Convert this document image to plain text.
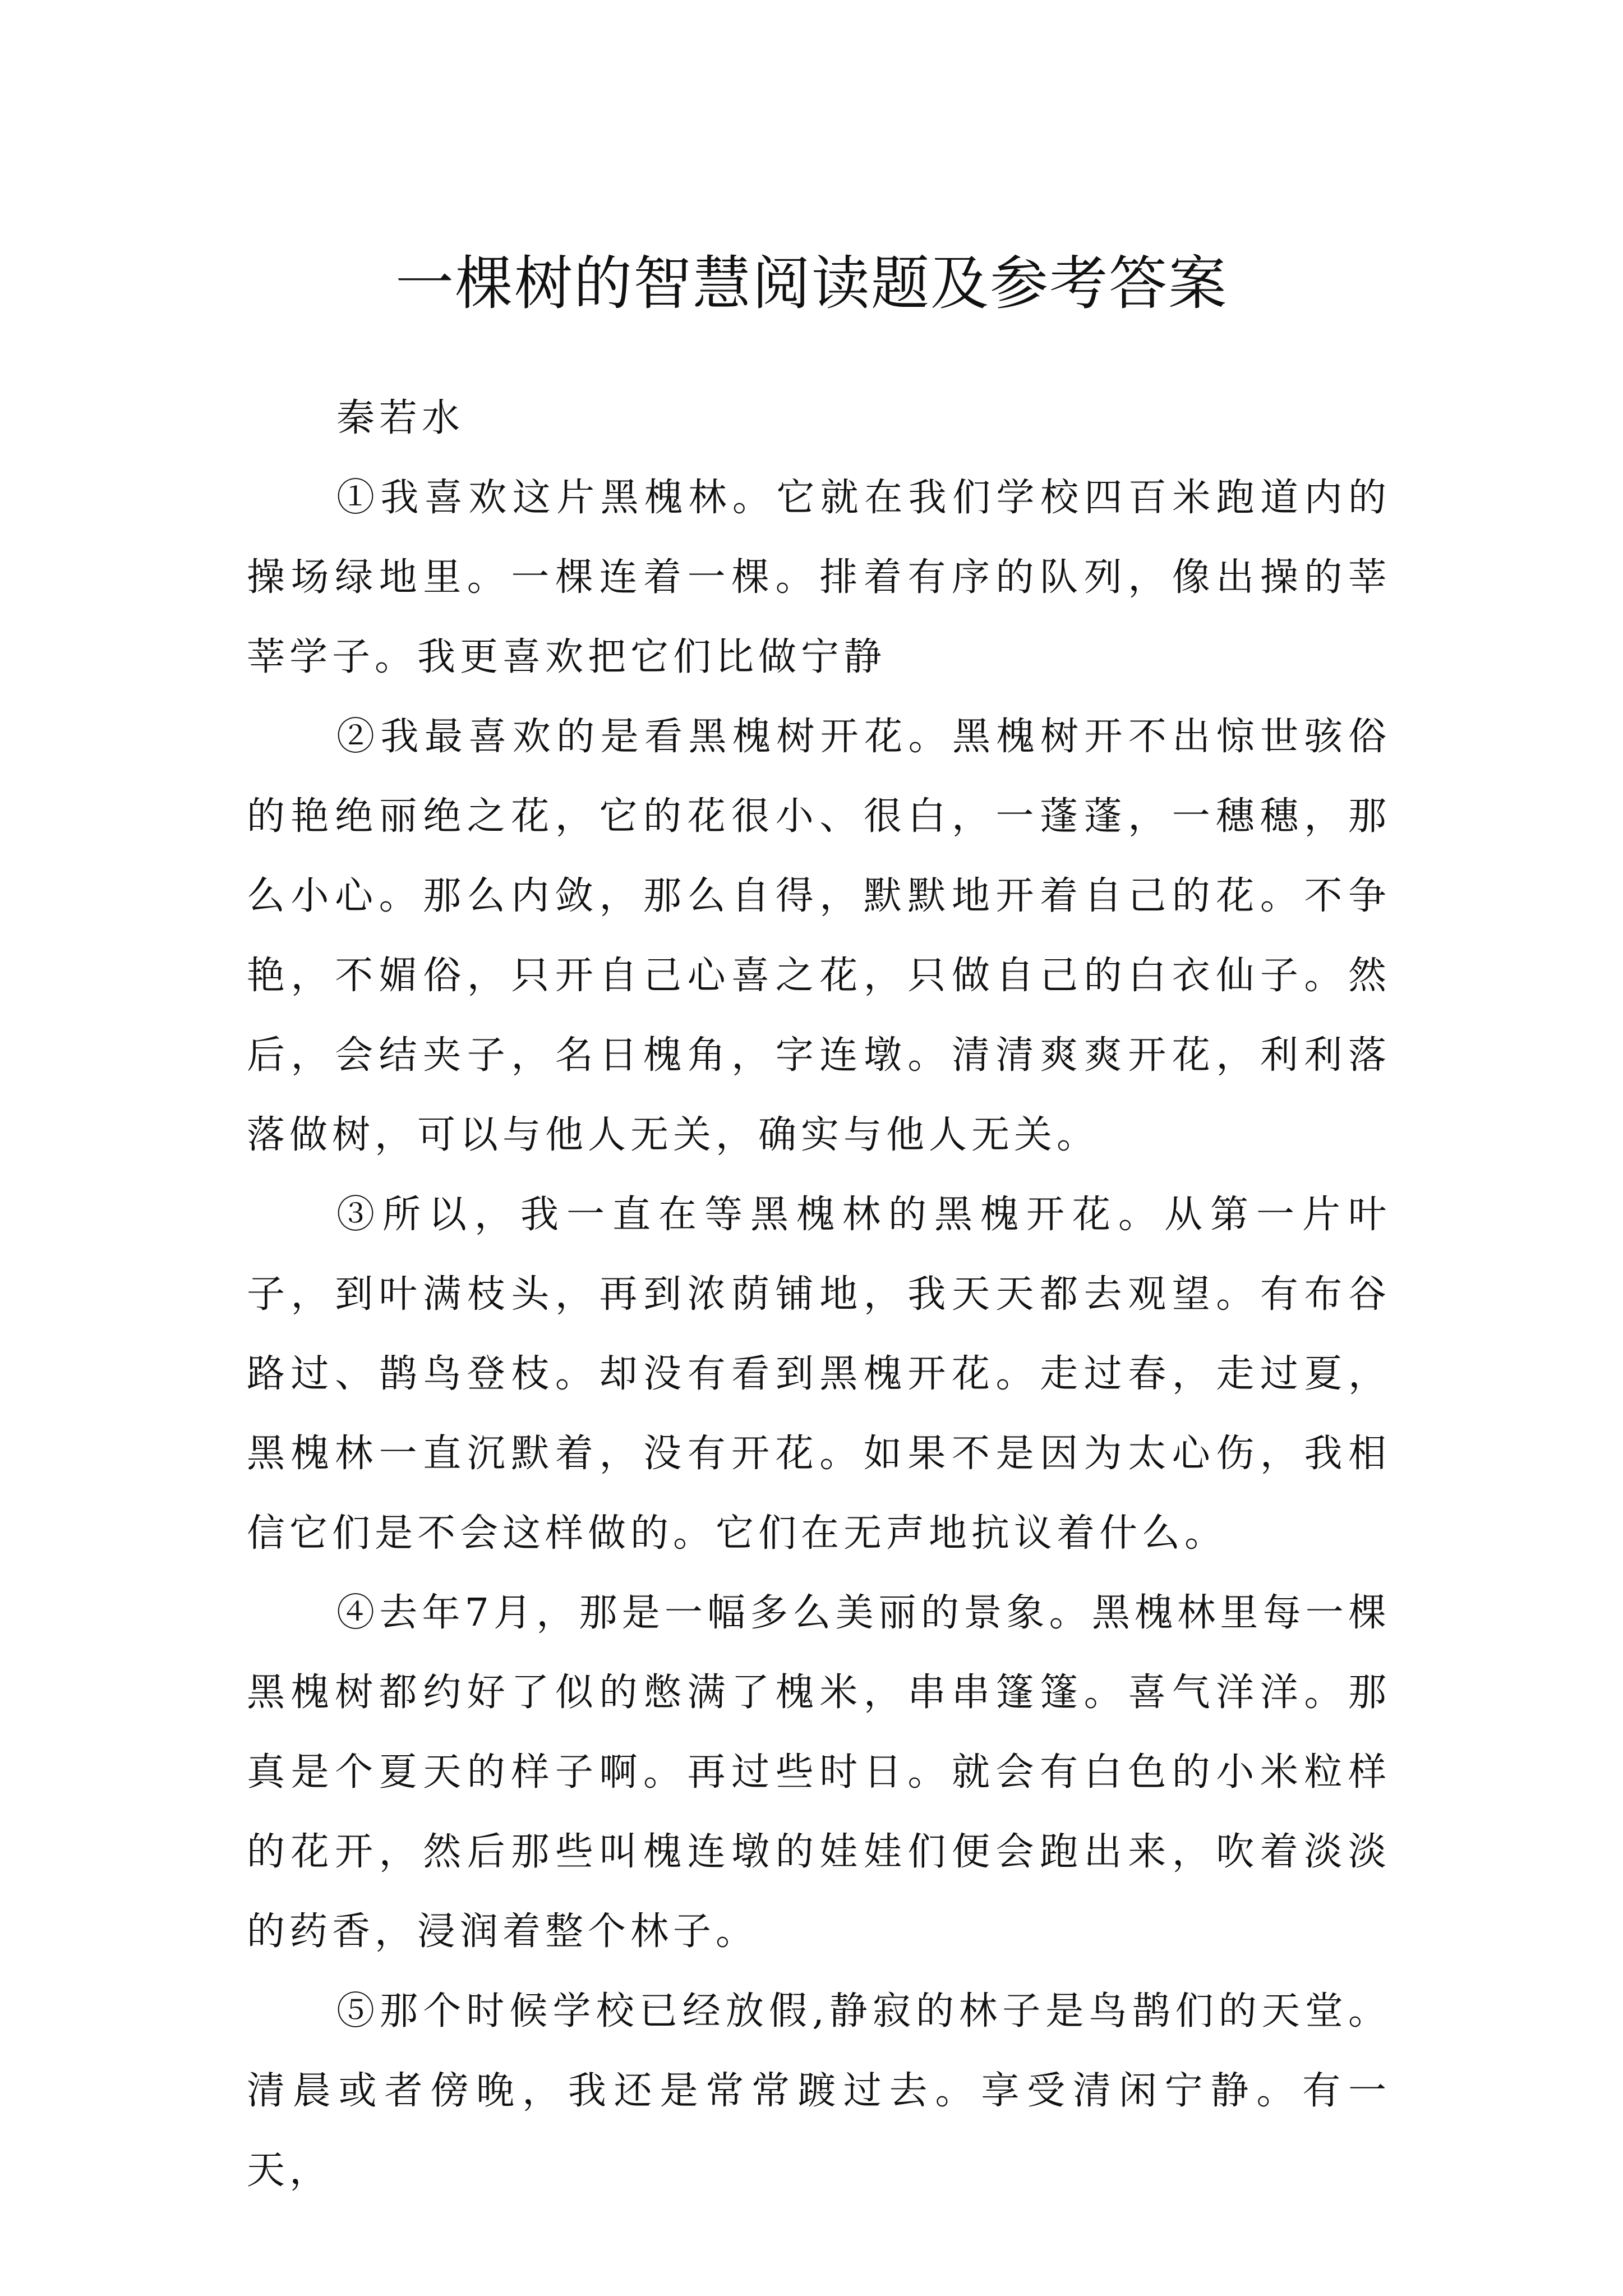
一棵树的智慧阅读题及参考答案

秦若水

①我喜欢这片黑槐林。它就在我们学校四百米跑道内的操场绿地里。一棵连着一棵。排着有序的队列，像出操的莘莘学子。我更喜欢把它们比做宁静

②我最喜欢的是看黑槐树开花。黑槐树开不出惊世骇俗的艳绝丽绝之花，它的花很小、很白，一蓬蓬，一穗穗，那么小心。那么内敛，那么自得，默默地开着自己的花。不争艳，不媚俗，只开自己心喜之花，只做自己的白衣仙子。然后，会结夹子，名日槐角，字连墩。清清爽爽开花，利利落落做树，可以与他人无关，确实与他人无关。

③所以，我一直在等黑槐林的黑槐开花。从第一片叶子，到叶满枝头，再到浓荫铺地，我天天都去观望。有布谷路过、鹊鸟登枝。却没有看到黑槐开花。走过春，走过夏，黑槐林一直沉默着，没有开花。如果不是因为太心伤，我相信它们是不会这样做的。它们在无声地抗议着什么。

④去年7月，那是一幅多么美丽的景象。黑槐林里每一棵黑槐树都约好了似的憋满了槐米，串串篷篷。喜气洋洋。那真是个夏天的样子啊。再过些时日。就会有白色的小米粒样的花开，然后那些叫槐连墩的娃娃们便会跑出来，吹着淡淡的药香，浸润着整个林子。

⑤那个时候学校已经放假,静寂的林子是鸟鹊们的天堂。清晨或者傍晚，我还是常常踱过去。享受清闲宁静。有一天，
